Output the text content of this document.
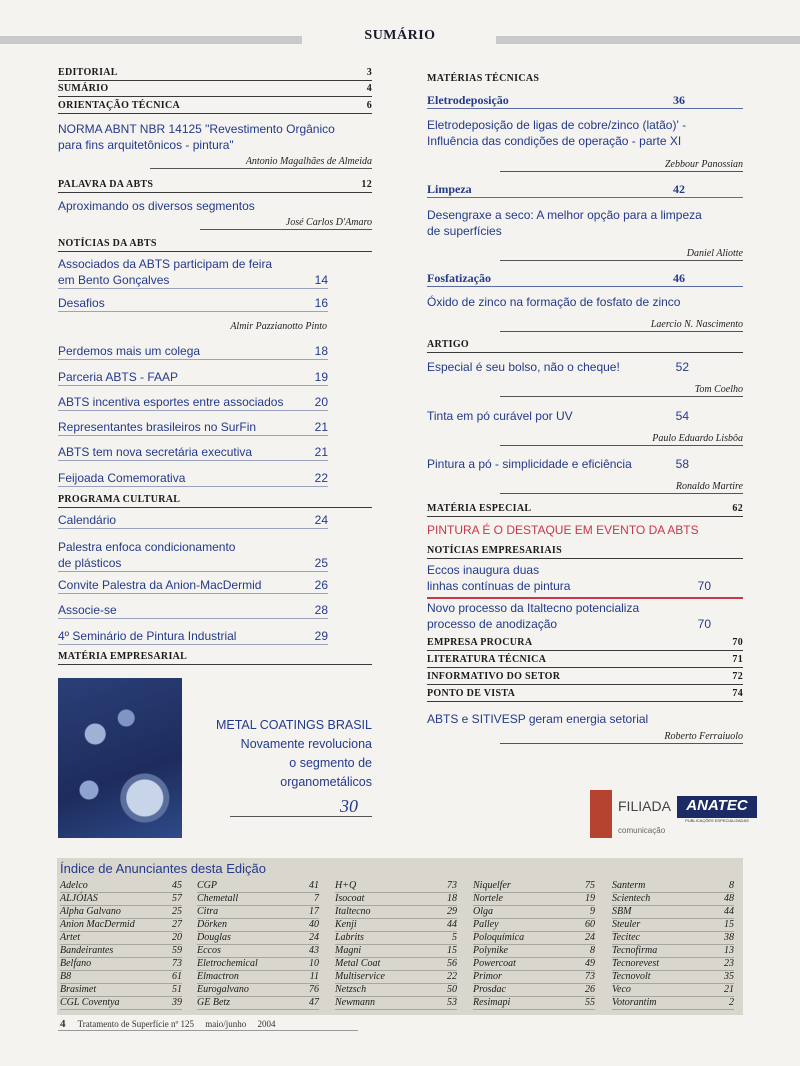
SUMÁRIO
EDITORIAL	3
SUMÁRIO	4
ORIENTAÇÃO TÉCNICA	6
NORMA ABNT NBR 14125 "Revestimento Orgânico
para fins arquitetônicos - pintura"
Antonio Magalhães de Almeida
PALAVRA DA ABTS	12
Aproximando os diversos segmentos
José Carlos D'Amaro
NOTÍCIAS DA ABTS
Associados da ABTS participam de feira
em Bento Gonçalves	14
Desafios	16
Almir Pazzianotto Pinto
Perdemos mais um colega	18
Parceria ABTS - FAAP	19
ABTS incentiva esportes entre associados	20
Representantes brasileiros no SurFin	21
ABTS tem nova secretária executiva	21
Feijoada Comemorativa	22
PROGRAMA CULTURAL
Calendário	24
Palestra enfoca condicionamento
de plásticos	25
Convite Palestra da Anion-MacDermid	26
Associe-se	28
4º Seminário de Pintura Industrial	29
MATÉRIA EMPRESARIAL
METAL COATINGS BRASIL
Novamente revoluciona
o segmento de
organometálicos
30
MATÉRIAS TÉCNICAS
Eletrodeposição	36
Eletrodeposição de ligas de cobre/zinco (latão)' -
Influência das condições de operação - parte XI
Zebbour Panossian
Limpeza	42
Desengraxe a seco: A melhor opção para a limpeza
de superfícies
Daniel Aliotte
Fosfatização	46
Óxido de zinco na formação de fosfato de zinco
Laercio N. Nascimento
ARTIGO
Especial é seu bolso, não o cheque!	52
Tom Coelho
Tinta em pó curável por UV	54
Paulo Eduardo Lisbôa
Pintura a pó - simplicidade e eficiência	58
Ronaldo Martire
MATÉRIA ESPECIAL	62
PINTURA É O DESTAQUE EM EVENTO DA ABTS
NOTÍCIAS EMPRESARIAIS
Eccos inaugura duas
linhas contínuas de pintura	70
Novo processo da Italtecno potencializa
processo de anodização	70
EMPRESA PROCURA	70
LITERATURA TÉCNICA	71
INFORMATIVO DO SETOR	72
PONTO DE VISTA	74
ABTS e SITIVESP geram energia setorial
Roberto Ferraiuolo
FILIADA	ANATEC
PUBLICAÇÕES ESPECIALIZADAS
comunicação
Índice de Anunciantes desta Edição
Adelco	45
ALJÓIAS	57
Alpha Galvano	25
Anion MacDermid	27
Artet	20
Bandeirantes	59
Belfano	73
B8	61
Brasimet	51
CGL Coventya	39
CGP	41
Chemetall	7
Citra	17
Dörken	40
Douglas	24
Eccos	43
Eletrochemical	10
Elmactron	11
Eurogalvano	76
GE Betz	47
H+Q	73
Isocoat	18
Italtecno	29
Kenji	44
Labrits	5
Magni	15
Metal Coat	56
Multiservice	22
Netzsch	50
Newmann	53
Niquelfer	75
Nortele	19
Olga	9
Palley	60
Poloquímica	24
Polynike	8
Powercoat	49
Primor	73
Prosdac	26
Resimapi	55
Santerm	8
Scientech	48
SBM	44
Steuler	15
Tecitec	38
Tecnofirma	13
Tecnorevest	23
Tecnovolt	35
Veco	21
Votorantim	2
4 Tratamento de Superfície nº 125 maio/junho 2004
